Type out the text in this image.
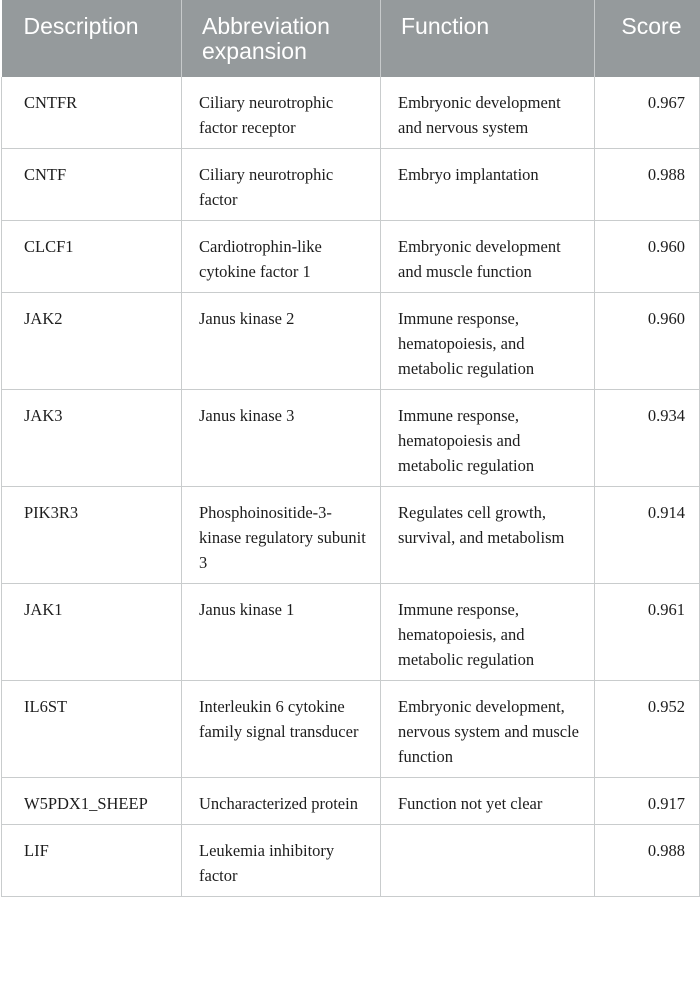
Description	Abbreviation expansion	Function	Score
CNTFR	Ciliary neurotrophic factor receptor	Embryonic development and nervous system	0.967
CNTF	Ciliary neurotrophic factor	Embryo implantation	0.988
CLCF1	Cardiotrophin-like cytokine factor 1	Embryonic development and muscle function	0.960
JAK2	Janus kinase 2	Immune response, hematopoiesis, and metabolic regulation	0.960
JAK3	Janus kinase 3	Immune response, hematopoiesis and metabolic regulation	0.934
PIK3R3	Phosphoinositide-3-kinase regulatory subunit 3	Regulates cell growth, survival, and metabolism	0.914
JAK1	Janus kinase 1	Immune response, hematopoiesis, and metabolic regulation	0.961
IL6ST	Interleukin 6 cytokine family signal transducer	Embryonic development, nervous system and muscle function	0.952
W5PDX1_SHEEP	Uncharacterized protein	Function not yet clear	0.917
LIF	Leukemia inhibitory factor		0.988
